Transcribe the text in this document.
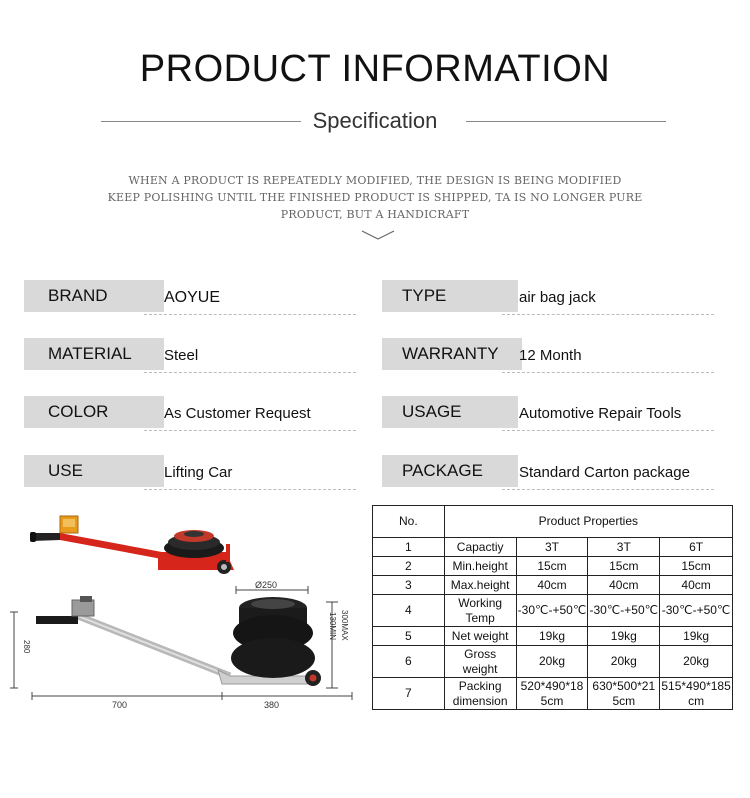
PRODUCT INFORMATION
Specification
WHEN A PRODUCT IS REPEATEDLY MODIFIED, THE DESIGN IS BEING MODIFIED
KEEP POLISHING UNTIL THE FINISHED PRODUCT IS SHIPPED, TA IS NO LONGER PURE
PRODUCT, BUT A HANDICRAFT
BRAND	AOYUE	TYPE	air bag jack
MATERIAL	Steel	WARRANTY	12 Month
COLOR	As Customer Request	USAGE	Automotive Repair Tools
USE	Lifting Car	PACKAGE	Standard Carton package
Ø250
300MAX
130MIN
280
700	380
No.	Product Properties			
1	Capactiy	3T	3T	6T
2	Min.height	15cm	15cm	15cm
3	Max.height	40cm	40cm	40cm
4	Working Temp	-30℃-+50℃	-30℃-+50℃	-30℃-+50℃
5	Net weight	19kg	19kg	19kg
6	Gross weight	20kg	20kg	20kg
7	Packing dimension	520*490*185cm	630*500*215cm	515*490*185cm
